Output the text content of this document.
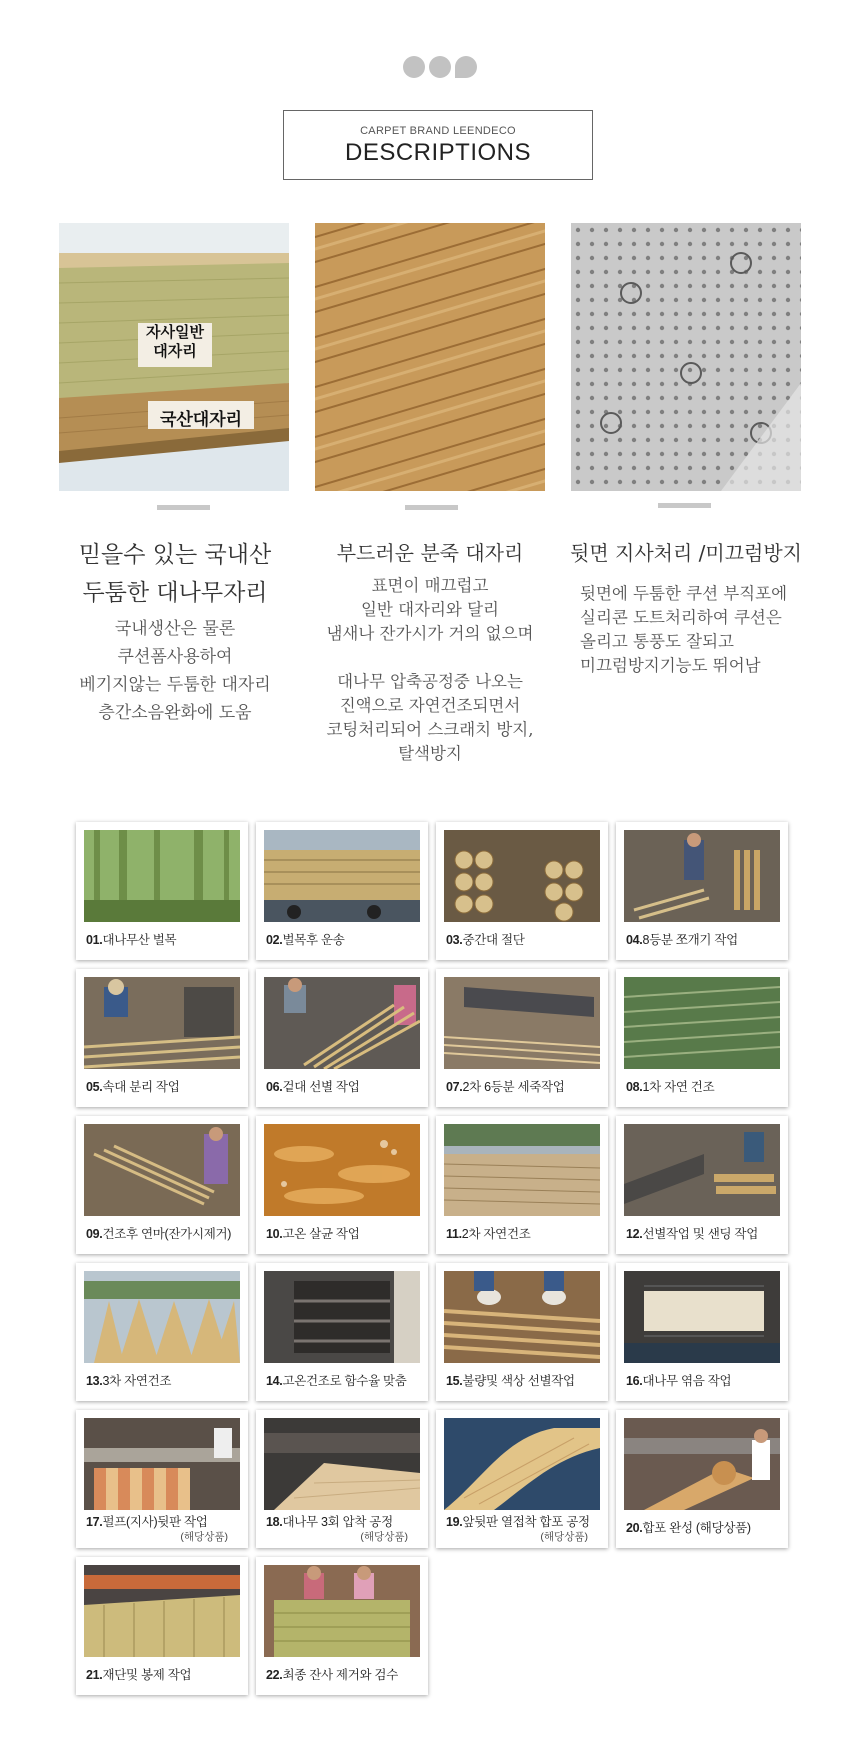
CARPET BRAND LEENDECO
DESCRIPTIONS
자사일반
대자리
국산대자리
믿을수 있는 국내산
두툼한 대나무자리
국내생산은 물론
쿠션폼사용하여
베기지않는 두툼한 대자리
층간소음완화에 도움
부드러운 분죽 대자리
표면이 매끄럽고
일반 대자리와 달리
냄새나 잔가시가 거의 없으며

대나무 압축공정중 나오는
진액으로 자연건조되면서
코팅처리되어 스크래치 방지,
탈색방지
뒷면 지사처리 /미끄럼방지
뒷면에 두툼한 쿠션 부직포에
실리콘 도트처리하여 쿠션은
올리고 통풍도 잘되고
미끄럼방지기능도 뛰어남
01.대나무산 벌목	02.벌목후 운송	03.중간대 절단	04.8등분 쪼개기 작업
05.속대 분리 작업	06.겉대 선별 작업	07.2차 6등분 세죽작업	08.1차 자연 건조
09.건조후 연마(잔가시제거)	10.고온 살균 작업	11.2차 자연건조	12.선별작업 및 샌딩 작업
13.3차 자연건조	14.고온건조로 함수율 맞춤	15.불량및 색상 선별작업	16.대나무 엮음 작업
17.펄프(지사)뒷판 작업
(해당상품)
18.대나무 3회 압착 공정
(해당상품)
19.앞뒷판 열접착 합포 공정
(해당상품)
20.합포 완성 (해당상품)
21.재단및 봉제 작업	22.최종 잔사 제거와 검수
